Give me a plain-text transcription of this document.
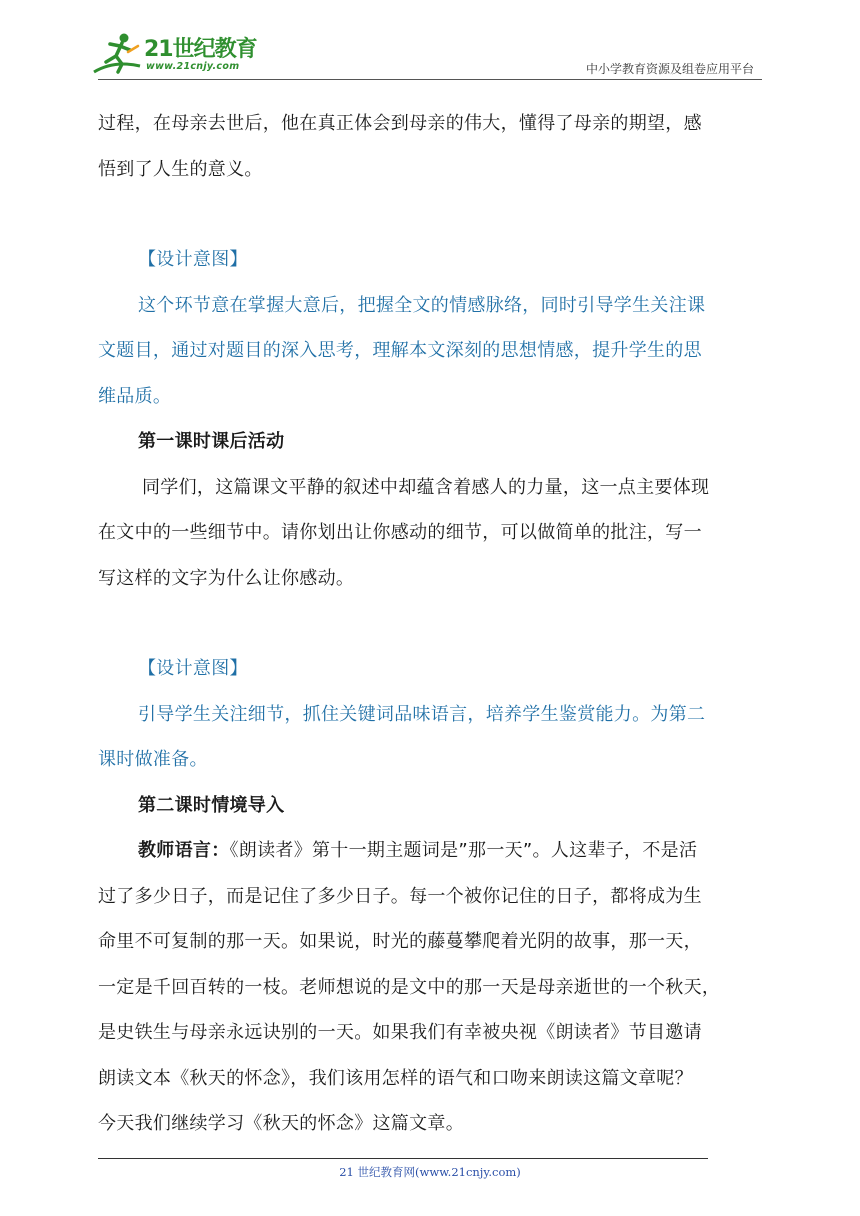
21世纪教育
www.21cnjy.com	中小学教育资源及组卷应用平台

过程，在母亲去世后，他在真正体会到母亲的伟大，懂得了母亲的期望，感

悟到了人生的意义。

【设计意图】

这个环节意在掌握大意后，把握全文的情感脉络，同时引导学生关注课

文题目，通过对题目的深入思考，理解本文深刻的思想情感，提升学生的思

维品质。

第一课时课后活动

同学们，这篇课文平静的叙述中却蕴含着感人的力量，这一点主要体现

在文中的一些细节中。请你划出让你感动的细节，可以做简单的批注，写一

写这样的文字为什么让你感动。

【设计意图】

引导学生关注细节，抓住关键词品味语言，培养学生鉴赏能力。为第二

课时做准备。

第二课时情境导入

教师语言：《朗读者》第十一期主题词是”那一天”。人这辈子，不是活

过了多少日子，而是记住了多少日子。每一个被你记住的日子，都将成为生

命里不可复制的那一天。如果说，时光的藤蔓攀爬着光阴的故事，那一天，

一定是千回百转的一枝。老师想说的是文中的那一天是母亲逝世的一个秋天，

是史铁生与母亲永远诀别的一天。如果我们有幸被央视《朗读者》节目邀请

朗读文本《秋天的怀念》，我们该用怎样的语气和口吻来朗读这篇文章呢？

今天我们继续学习《秋天的怀念》这篇文章。

21 世纪教育网(www.21cnjy.com)
